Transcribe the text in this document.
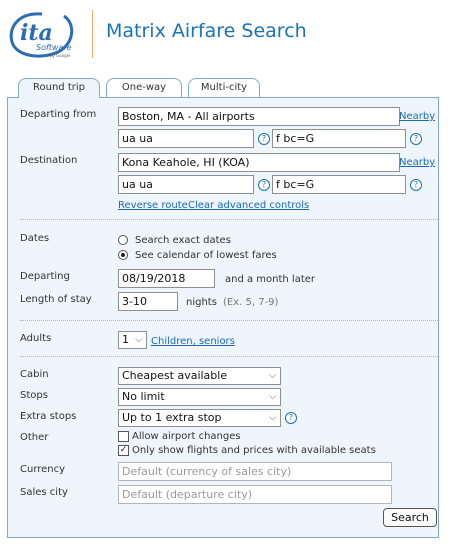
ita
Software
by Google
Matrix Airfare Search
Round trip	One-way	Multi-city
Departing from	Boston, MA - All airports	Nearby
ua ua	? f bc=G	?
Destination	Kona Keahole, HI (KOA)	Nearby
ua ua	? f bc=G	?
Reverse route Clear advanced controls
Dates	Search exact dates
See calendar of lowest fares
Departing	08/19/2018	and a month later
Length of stay	3-10	nights (Ex. 5, 7-9)
Adults	1 ⌵ Children, seniors
Cabin	Cheapest available	⌵
Stops	No limit	⌵
Extra stops	Up to 1 extra stop	⌵	?
Other	Allow airport changes
✓ Only show flights and prices with available seats
Currency	Default (currency of sales city)
Sales city	Default (departure city)
Search
